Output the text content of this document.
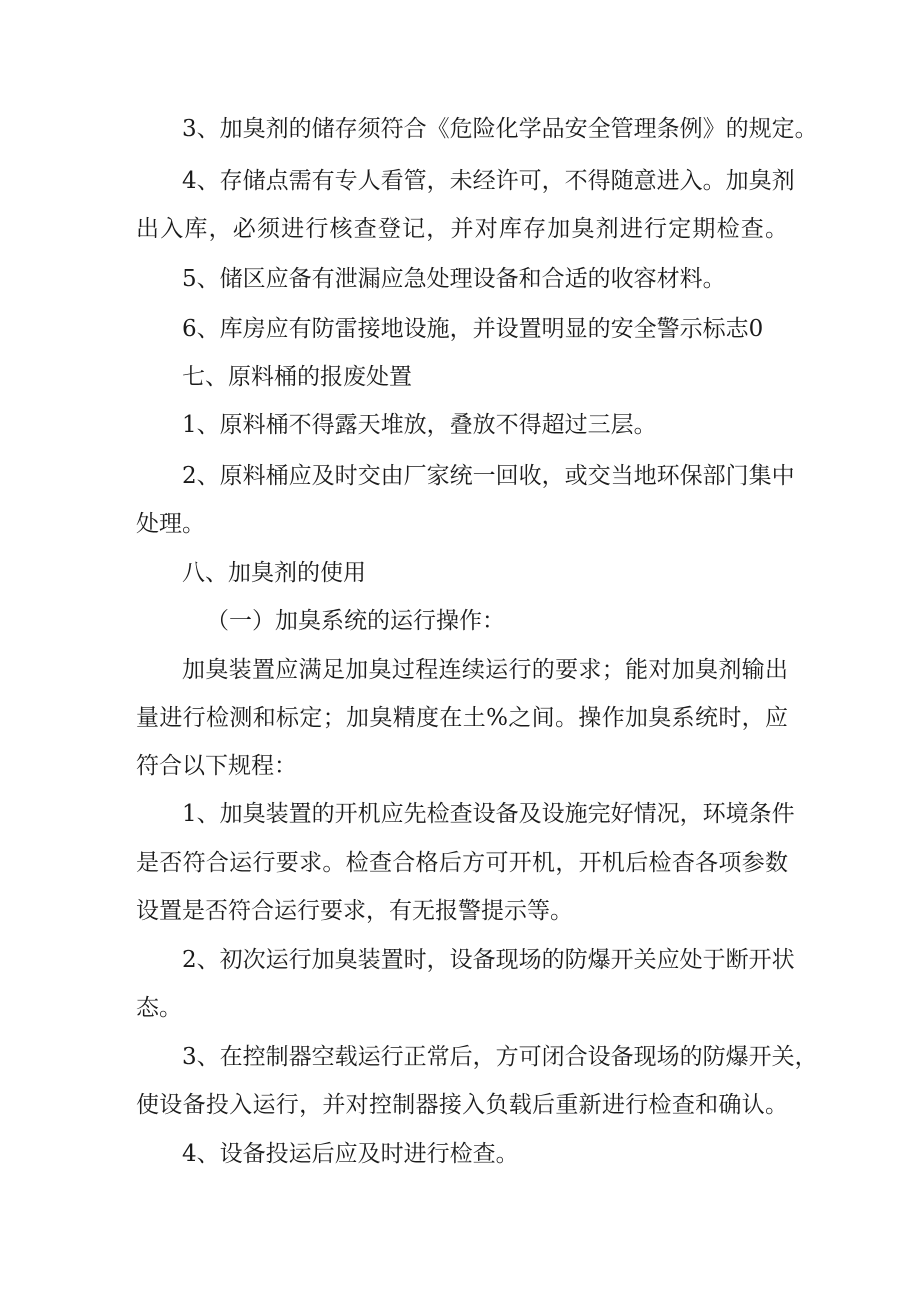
3、加臭剂的储存须符合《危险化学品安全管理条例》的规定。
4、存储点需有专人看管，未经许可，不得随意进入。加臭剂
出入库，必须进行核查登记，并对库存加臭剂进行定期检查。
5、储区应备有泄漏应急处理设备和合适的收容材料。
6、库房应有防雷接地设施，并设置明显的安全警示标志0
七、原料桶的报废处置
1、原料桶不得露天堆放，叠放不得超过三层。
2、原料桶应及时交由厂家统一回收，或交当地环保部门集中
处理。
八、加臭剂的使用
（一）加臭系统的运行操作：
加臭装置应满足加臭过程连续运行的要求；能对加臭剂输出
量进行检测和标定；加臭精度在土%之间。操作加臭系统时，应
符合以下规程：
1、加臭装置的开机应先检查设备及设施完好情况，环境条件
是否符合运行要求。检查合格后方可开机，开机后检杳各项参数
设置是否符合运行要求，有无报警提示等。
2、初次运行加臭装置时，设备现场的防爆开关应处于断开状
态。
3、在控制器空载运行正常后，方可闭合设备现场的防爆开关，
使设备投入运行，并对控制器接入负载后重新进行检查和确认。
4、设备投运后应及时进行检查。
